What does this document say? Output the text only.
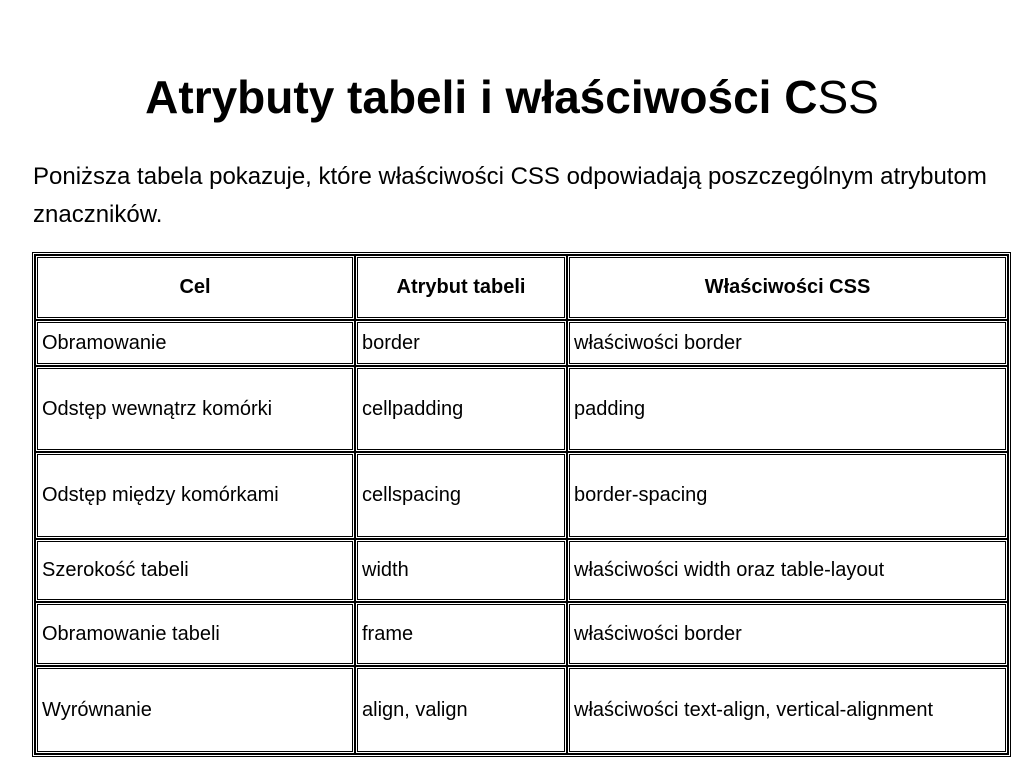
Atrybuty tabeli i właściwości CSS

Poniższa tabela pokazuje, które właściwości CSS odpowiadają poszczególnym atrybutom znaczników.

Cel	Atrybut tabeli	Właściwości CSS
Obramowanie	border	właściwości border
Odstęp wewnątrz komórki	cellpadding	padding
Odstęp między komórkami	cellspacing	border-spacing
Szerokość tabeli	width	właściwości width oraz table-layout
Obramowanie tabeli	frame	właściwości border
Wyrównanie	align, valign	właściwości text-align, vertical-alignment
